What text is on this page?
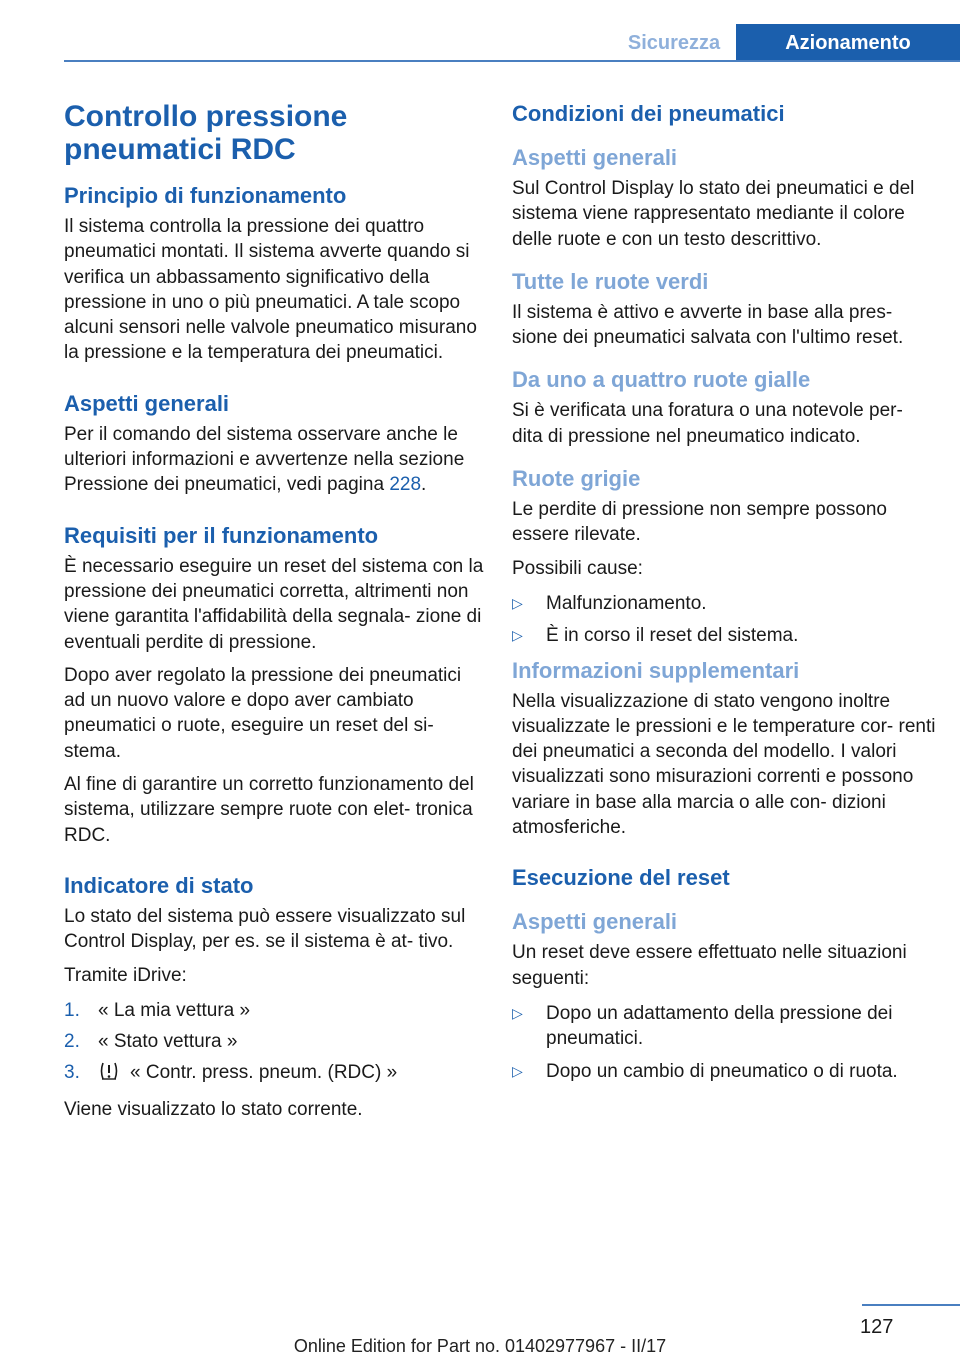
Sicurezza	Azionamento
Controllo pressione pneumatici RDC
Principio di funzionamento

Il sistema controlla la pressione dei quattro pneumatici montati. Il sistema avverte quando si verifica un abbassamento significativo della pressione in uno o più pneumatici. A tale scopo alcuni sensori nelle valvole pneumatico misurano la pressione e la temperatura dei pneumatici.

Aspetti generali

Per il comando del sistema osservare anche le ulteriori informazioni e avvertenze nella sezione Pressione dei pneumatici, vedi pagina 228.

Requisiti per il funzionamento

È necessario eseguire un reset del sistema con la pressione dei pneumatici corretta, altrimenti non viene garantita l'affidabilità della segnala- zione di eventuali perdite di pressione.

Dopo aver regolato la pressione dei pneumatici ad un nuovo valore e dopo aver cambiato pneumatici o ruote, eseguire un reset del si- stema.

Al fine di garantire un corretto funzionamento del sistema, utilizzare sempre ruote con elet- tronica RDC.

Indicatore di stato

Lo stato del sistema può essere visualizzato sul Control Display, per es. se il sistema è at- tivo.

Tramite iDrive:

1. « La mia vettura »
2. « Stato vettura »
3.	« Contr. press. pneum. (RDC) »

Viene visualizzato lo stato corrente.

Condizioni dei pneumatici
Aspetti generali

Sul Control Display lo stato dei pneumatici e del sistema viene rappresentato mediante il colore delle ruote e con un testo descrittivo.

Tutte le ruote verdi

Il sistema è attivo e avverte in base alla pres- sione dei pneumatici salvata con l'ultimo reset.

Da uno a quattro ruote gialle

Si è verificata una foratura o una notevole per- dita di pressione nel pneumatico indicato.

Ruote grigie

Le perdite di pressione non sempre possono essere rilevate.

Possibili cause:

▷	Malfunzionamento.
▷	È in corso il reset del sistema.
Informazioni supplementari

Nella visualizzazione di stato vengono inoltre visualizzate le pressioni e le temperature cor- renti dei pneumatici a seconda del modello. I valori visualizzati sono misurazioni correnti e possono variare in base alla marcia o alle con- dizioni atmosferiche.

Esecuzione del reset
Aspetti generali

Un reset deve essere effettuato nelle situazioni seguenti:

▷	Dopo un adattamento della pressione dei pneumatici.
▷	Dopo un cambio di pneumatico o di ruota.
127
Online Edition for Part no. 01402977967 - II/17
